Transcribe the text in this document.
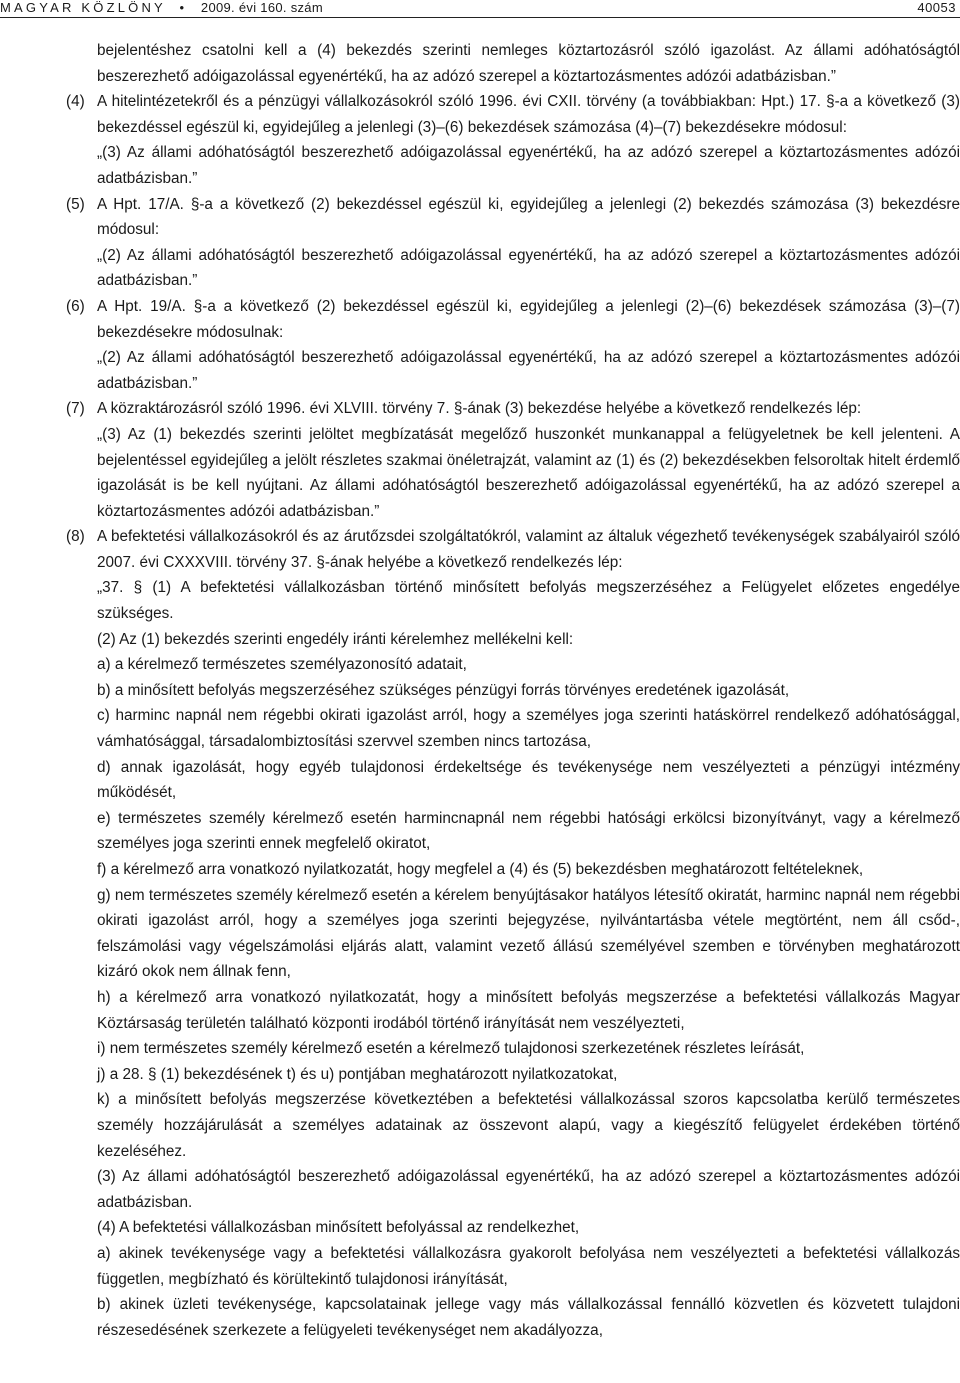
MAGYAR KÖZLÖNY  •  2009. évi 160. szám	40053

bejelentéshez csatolni kell a (4) bekezdés szerinti nemleges köztartozásról szóló igazolást. Az állami adóhatóságtól beszerezhető adóigazolással egyenértékű, ha az adózó szerepel a köztartozásmentes adózói adatbázisban.”

(4) A hitelintézetekről és a pénzügyi vállalkozásokról szóló 1996. évi CXII. törvény (a továbbiakban: Hpt.) 17. §-a a következő (3) bekezdéssel egészül ki, egyidejűleg a jelenlegi (3)–(6) bekezdések számozása (4)–(7) bekezdésekre módosul:

„(3) Az állami adóhatóságtól beszerezhető adóigazolással egyenértékű, ha az adózó szerepel a köztartozásmentes adózói adatbázisban.”

(5) A Hpt. 17/A. §-a a következő (2) bekezdéssel egészül ki, egyidejűleg a jelenlegi (2) bekezdés számozása (3) bekezdésre módosul:

„(2) Az állami adóhatóságtól beszerezhető adóigazolással egyenértékű, ha az adózó szerepel a köztartozásmentes adózói adatbázisban.”

(6) A Hpt. 19/A. §-a a következő (2) bekezdéssel egészül ki, egyidejűleg a jelenlegi (2)–(6) bekezdések számozása (3)–(7) bekezdésekre módosulnak:

„(2) Az állami adóhatóságtól beszerezhető adóigazolással egyenértékű, ha az adózó szerepel a köztartozásmentes adózói adatbázisban.”

(7) A közraktározásról szóló 1996. évi XLVIII. törvény 7. §-ának (3) bekezdése helyébe a következő rendelkezés lép:

„(3) Az (1) bekezdés szerinti jelöltet megbízatását megelőző huszonkét munkanappal a felügyeletnek be kell jelenteni. A bejelentéssel egyidejűleg a jelölt részletes szakmai önéletrajzát, valamint az (1) és (2) bekezdésekben felsoroltak hitelt érdemlő igazolását is be kell nyújtani. Az állami adóhatóságtól beszerezhető adóigazolással egyenértékű, ha az adózó szerepel a köztartozásmentes adózói adatbázisban.”

(8) A befektetési vállalkozásokról és az árutőzsdei szolgáltatókról, valamint az általuk végezhető tevékenységek szabályairól szóló 2007. évi CXXXVIII. törvény 37. §-ának helyébe a következő rendelkezés lép:

„37. § (1) A befektetési vállalkozásban történő minősített befolyás megszerzéséhez a Felügyelet előzetes engedélye szükséges.

(2) Az (1) bekezdés szerinti engedély iránti kérelemhez mellékelni kell:

a) a kérelmező természetes személyazonosító adatait,

b) a minősített befolyás megszerzéséhez szükséges pénzügyi forrás törvényes eredetének igazolását,

c) harminc napnál nem régebbi okirati igazolást arról, hogy a személyes joga szerinti hatáskörrel rendelkező adóhatósággal, vámhatósággal, társadalombiztosítási szervvel szemben nincs tartozása,

d) annak igazolását, hogy egyéb tulajdonosi érdekeltsége és tevékenysége nem veszélyezteti a pénzügyi intézmény működését,

e) természetes személy kérelmező esetén harmincnapnál nem régebbi hatósági erkölcsi bizonyítványt, vagy a kérelmező személyes joga szerinti ennek megfelelő okiratot,

f) a kérelmező arra vonatkozó nyilatkozatát, hogy megfelel a (4) és (5) bekezdésben meghatározott feltételeknek,

g) nem természetes személy kérelmező esetén a kérelem benyújtásakor hatályos létesítő okiratát, harminc napnál nem régebbi okirati igazolást arról, hogy a személyes joga szerinti bejegyzése, nyilvántartásba vétele megtörtént, nem áll csőd-, felszámolási vagy végelszámolási eljárás alatt, valamint vezető állású személyével szemben e törvényben meghatározott kizáró okok nem állnak fenn,

h) a kérelmező arra vonatkozó nyilatkozatát, hogy a minősített befolyás megszerzése a befektetési vállalkozás Magyar Köztársaság területén található központi irodából történő irányítását nem veszélyezteti,

i) nem természetes személy kérelmező esetén a kérelmező tulajdonosi szerkezetének részletes leírását,

j) a 28. § (1) bekezdésének t) és u) pontjában meghatározott nyilatkozatokat,

k) a minősített befolyás megszerzése következtében a befektetési vállalkozással szoros kapcsolatba kerülő természetes személy hozzájárulását a személyes adatainak az összevont alapú, vagy a kiegészítő felügyelet érdekében történő kezeléséhez.

(3) Az állami adóhatóságtól beszerezhető adóigazolással egyenértékű, ha az adózó szerepel a köztartozásmentes adózói adatbázisban.

(4) A befektetési vállalkozásban minősített befolyással az rendelkezhet,

a) akinek tevékenysége vagy a befektetési vállalkozásra gyakorolt befolyása nem veszélyezteti a befektetési vállalkozás független, megbízható és körültekintő tulajdonosi irányítását,

b) akinek üzleti tevékenysége, kapcsolatainak jellege vagy más vállalkozással fennálló közvetlen és közvetett tulajdoni részesedésének szerkezete a felügyeleti tevékenységet nem akadályozza,
